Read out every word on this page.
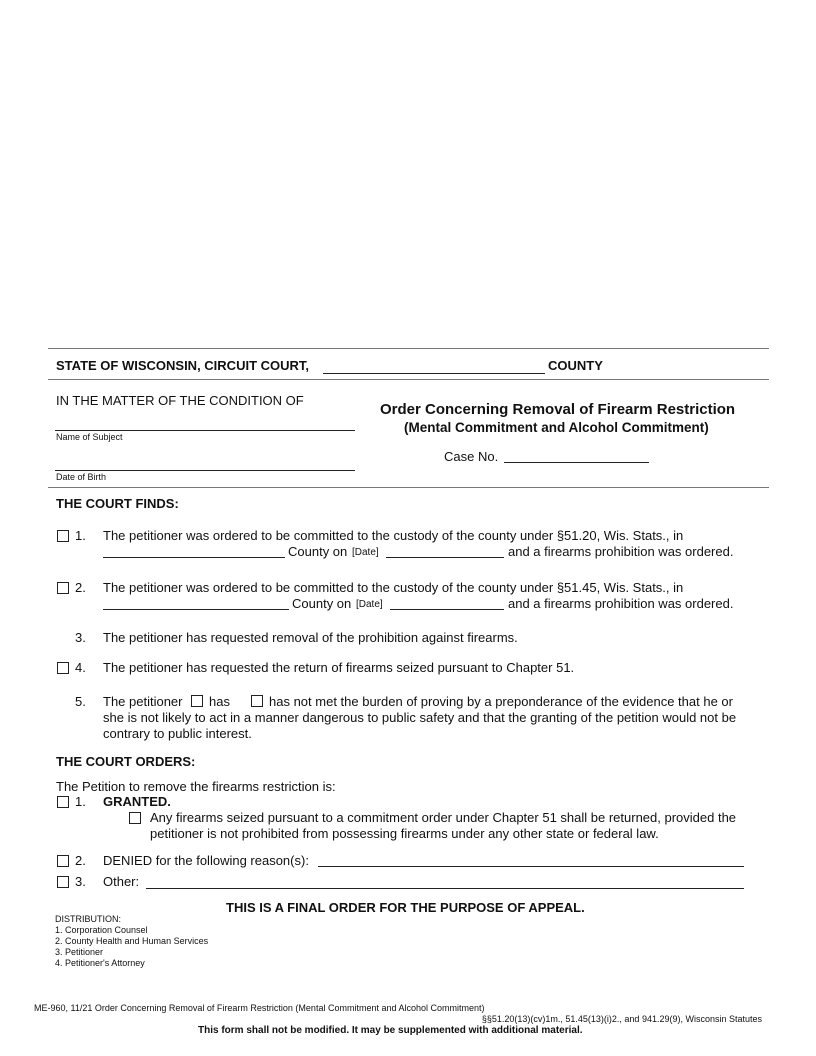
STATE OF WISCONSIN, CIRCUIT COURT,	COUNTY
IN THE MATTER OF THE CONDITION OF
Name of Subject
Date of Birth
Order Concerning Removal of Firearm Restriction
(Mental Commitment and Alcohol Commitment)
Case No.
THE COURT FINDS:
1. The petitioner was ordered to be committed to the custody of the county under §51.20, Wis. Stats., in
County on [Date]	and a firearms prohibition was ordered.
2. The petitioner was ordered to be committed to the custody of the county under §51.45, Wis. Stats., in
County on [Date]	and a firearms prohibition was ordered.
3. The petitioner has requested removal of the prohibition against firearms.
4. The petitioner has requested the return of firearms seized pursuant to Chapter 51.
5. The petitioner has	has not met the burden of proving by a preponderance of the evidence that he or
she is not likely to act in a manner dangerous to public safety and that the granting of the petition would not be
contrary to public interest.
THE COURT ORDERS:
The Petition to remove the firearms restriction is:
1. GRANTED.
Any firearms seized pursuant to a commitment order under Chapter 51 shall be returned, provided the
petitioner is not prohibited from possessing firearms under any other state or federal law.
2. DENIED for the following reason(s):
3. Other:
THIS IS A FINAL ORDER FOR THE PURPOSE OF APPEAL.
DISTRIBUTION:
1. Corporation Counsel
2. County Health and Human Services
3. Petitioner
4. Petitioner's Attorney
ME-960, 11/21 Order Concerning Removal of Firearm Restriction (Mental Commitment and Alcohol Commitment)
§§51.20(13)(cv)1m., 51.45(13)(i)2., and 941.29(9), Wisconsin Statutes
This form shall not be modified. It may be supplemented with additional material.
